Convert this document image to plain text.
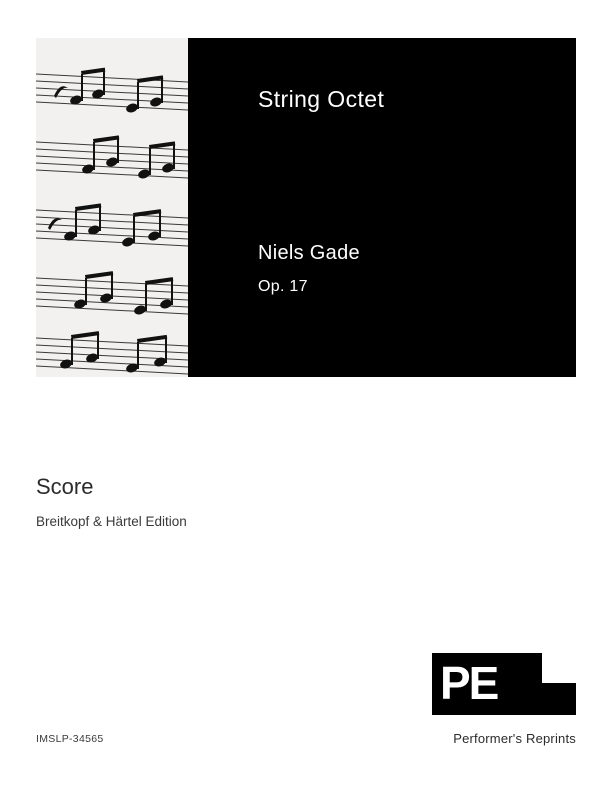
String Octet
Niels Gade
Op. 17
Score
Breitkopf & Härtel Edition
PE
Performer's Reprints
IMSLP-34565
